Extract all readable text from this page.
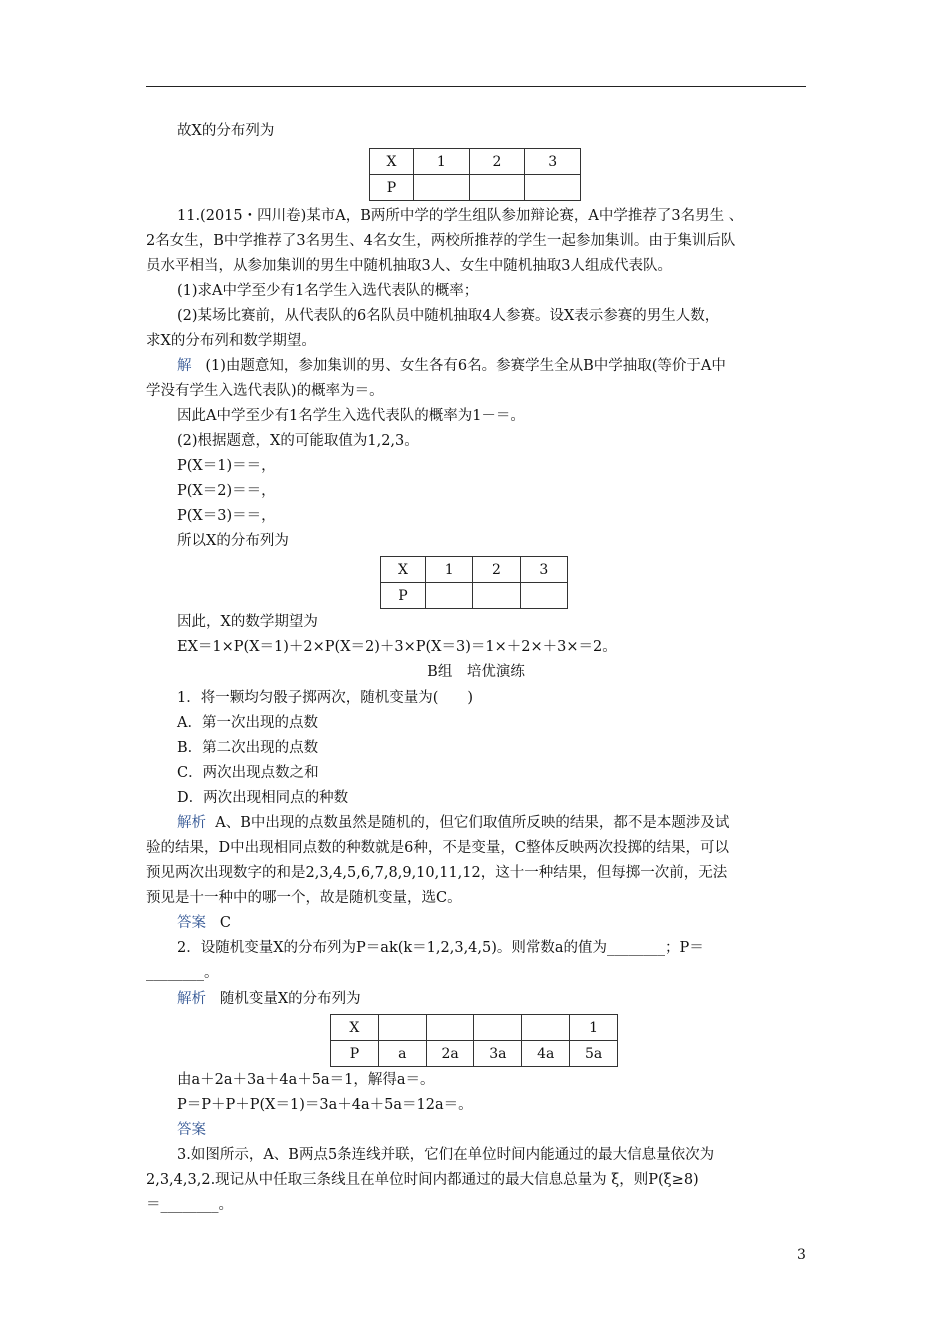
故X的分布列为
X	1	2	3
P			
11.(2015・四川卷)某市A，B两所中学的学生组队参加辩论赛，A中学推荐了3名男生 、
2名女生，B中学推荐了3名男生、4名女生，两校所推荐的学生一起参加集训。由于集训后队
员水平相当，从参加集训的男生中随机抽取3人、女生中随机抽取3人组成代表队。
(1)求A中学至少有1名学生入选代表队的概率；
(2)某场比赛前，从代表队的6名队员中随机抽取4人参赛。设X表示参赛的男生人数，
求X的分布列和数学期望。
解 (1)由题意知，参加集训的男、女生各有6名。参赛学生全从B中学抽取(等价于A中
学没有学生入选代表队)的概率为＝。
因此A中学至少有1名学生入选代表队的概率为1－＝。
(2)根据题意，X的可能取值为1,2,3。
P(X＝1)＝＝，
P(X＝2)＝＝，
P(X＝3)＝＝，
所以X的分布列为
X	1	2	3
P			
因此，X的数学期望为
EX＝1×P(X＝1)＋2×P(X＝2)＋3×P(X＝3)＝1×＋2×＋3×＝2。
B组　培优演练
1．将一颗均匀骰子掷两次，随机变量为(　　)
A．第一次出现的点数
B．第二次出现的点数
C．两次出现点数之和
D．两次出现相同点的种数
解析 A、B中出现的点数虽然是随机的，但它们取值所反映的结果，都不是本题涉及试
验的结果，D中出现相同点数的种数就是6种，不是变量，C整体反映两次投掷的结果，可以
预见两次出现数字的和是2,3,4,5,6,7,8,9,10,11,12，这十一种结果，但每掷一次前，无法
预见是十一种中的哪一个，故是随机变量，选C。
答案 C
2．设随机变量X的分布列为P＝ak(k＝1,2,3,4,5)。则常数a的值为________；P＝
________。
解析 随机变量X的分布列为
X					1
P	a	2a	3a	4a	5a
由a＋2a＋3a＋4a＋5a＝1，解得a＝。
P＝P＋P＋P(X＝1)＝3a＋4a＋5a＝12a＝。
答案
3.如图所示，A、B两点5条连线并联，它们在单位时间内能通过的最大信息量依次为
2,3,4,3,2.现记从中任取三条线且在单位时间内都通过的最大信息总量为 ξ，则P(ξ≥8)
＝________。
3
